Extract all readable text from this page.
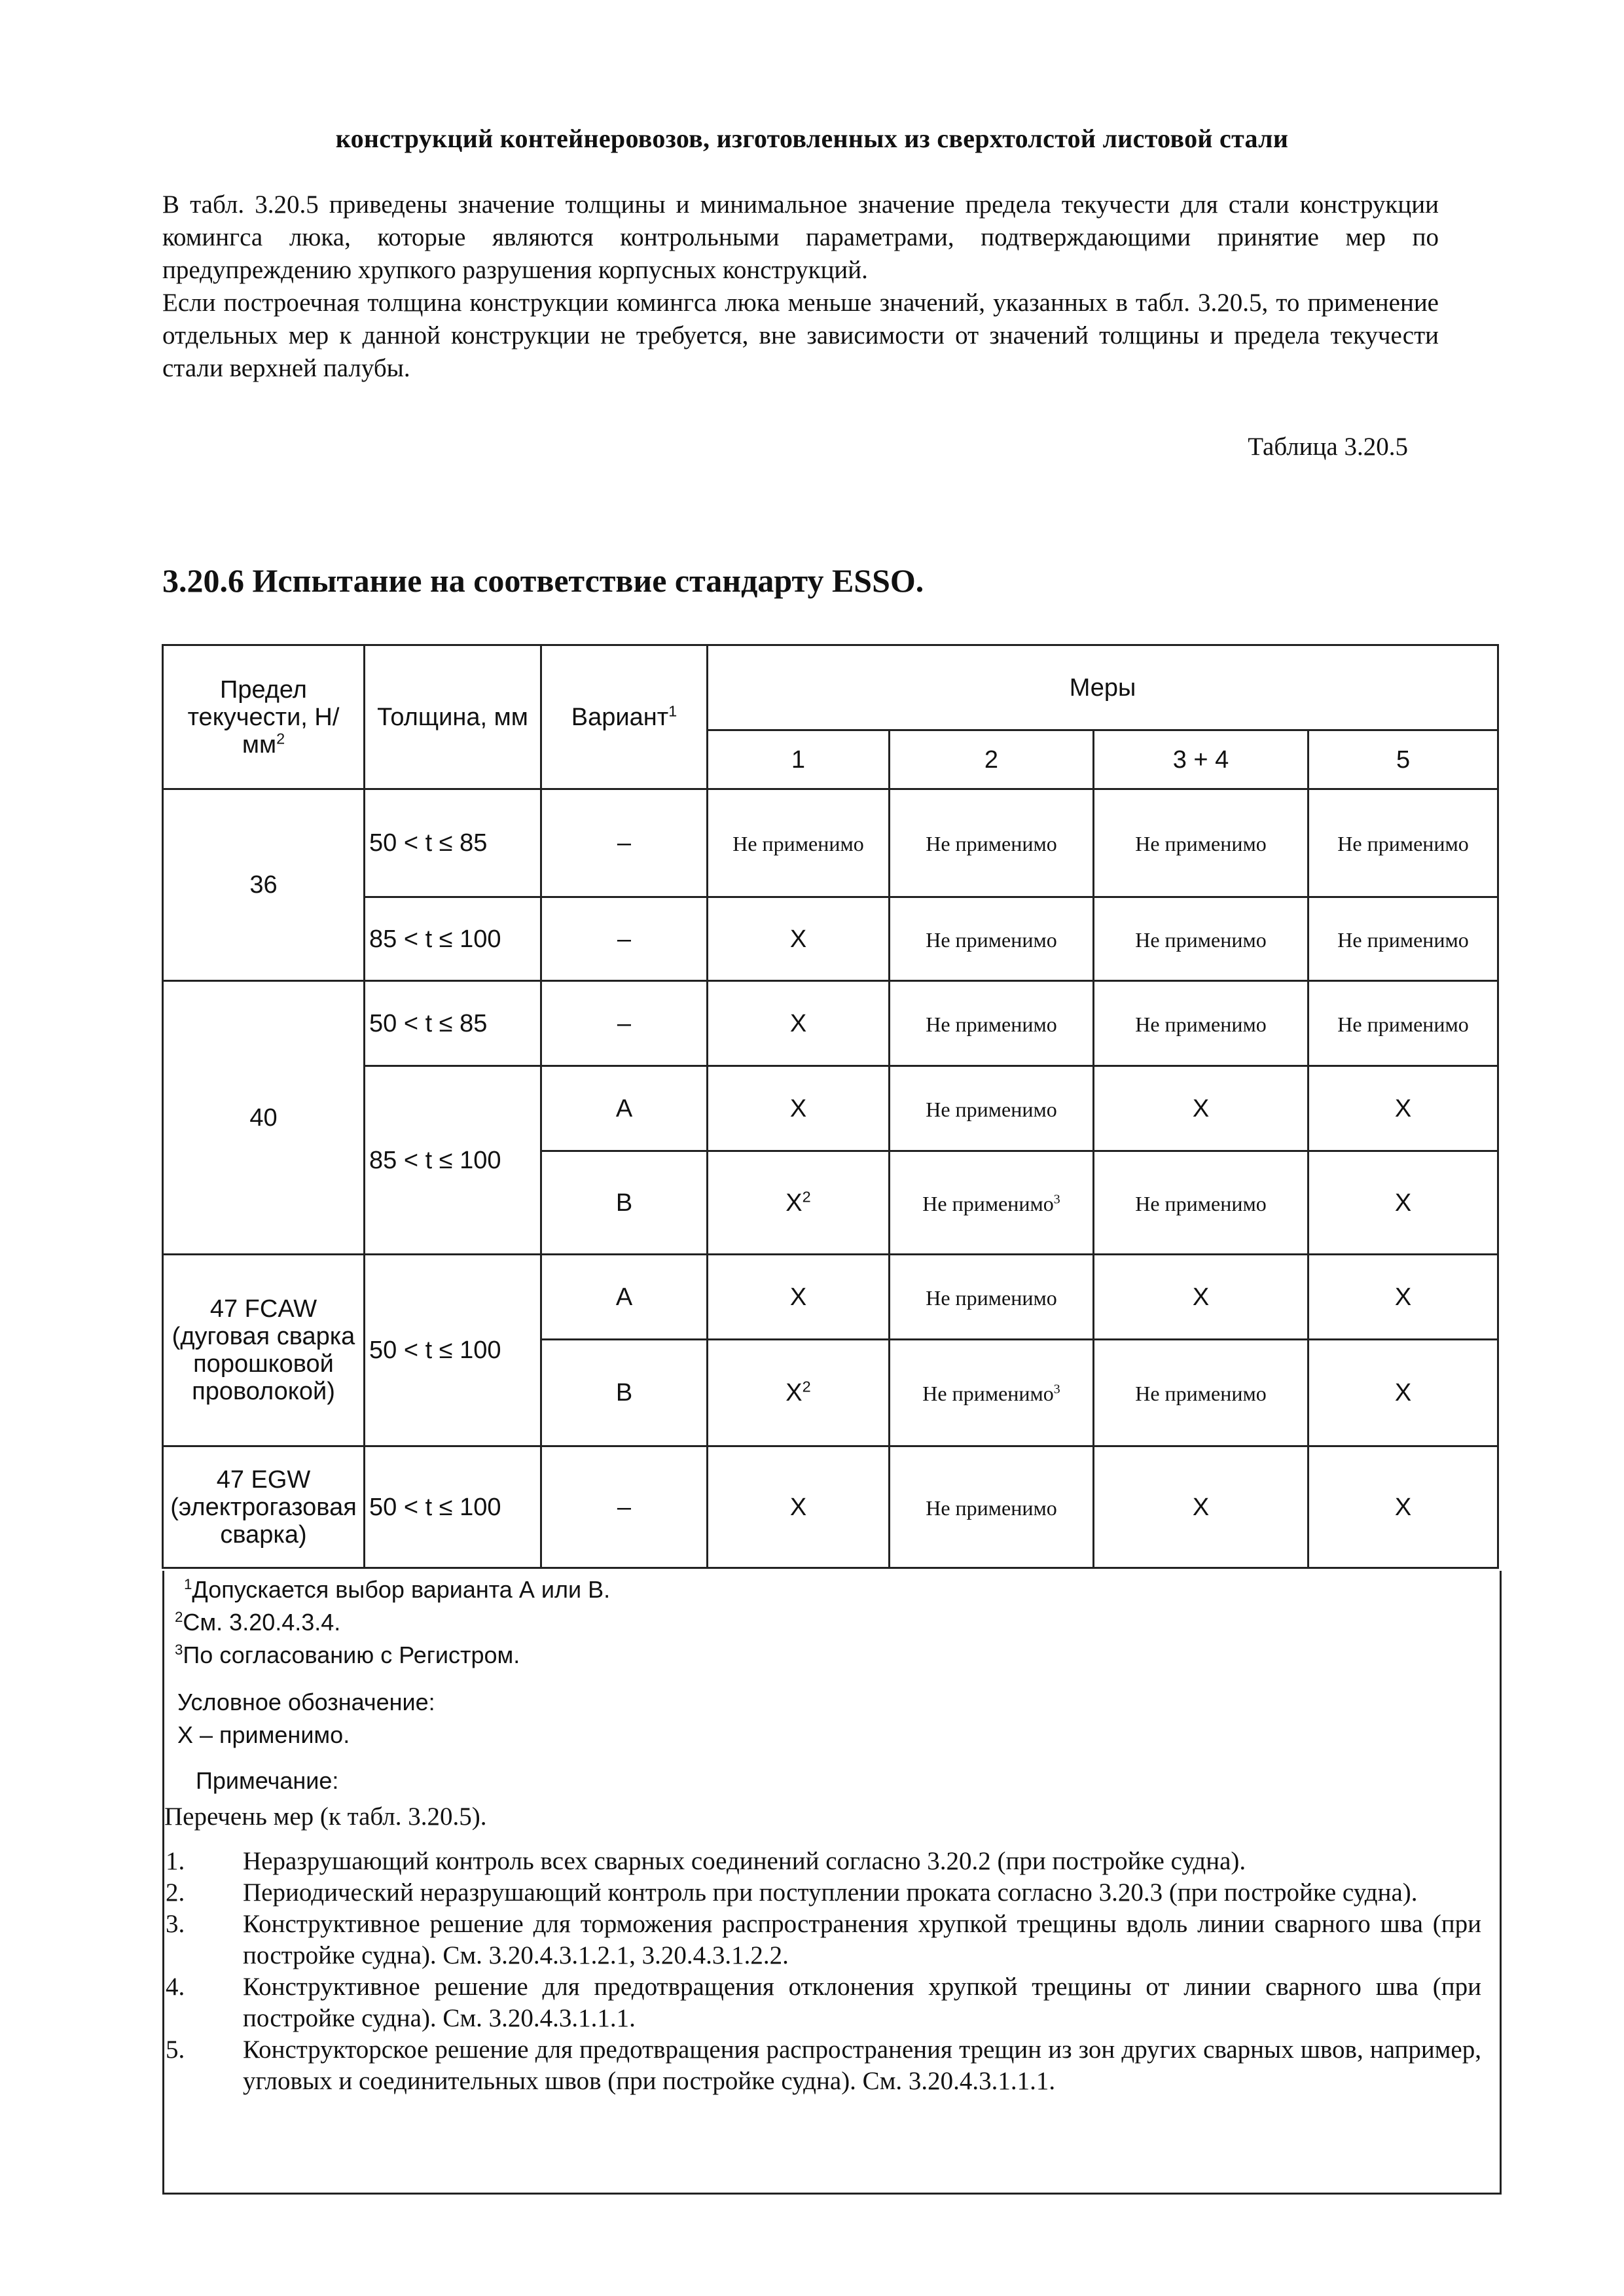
конструкций контейнеровозов, изготовленных из сверхтолстой листовой стали

В табл. 3.20.5 приведены значение толщины и минимальное значение предела текучести для стали конструкции комингса люка, которые являются контрольными параметрами, подтверждающими принятие мер по предупреждению хрупкого разрушения корпусных конструкций.

Если построечная толщина конструкции комингса люка меньше значений, указанных в табл. 3.20.5, то применение отдельных мер к данной конструкции не требуется, вне зависимости от значений толщины и предела текучести стали верхней палубы.

Таблица 3.20.5
3.20.6 Испытание на соответствие стандарту ESSO.
Предел текучести, $Н/мм^2$	Толщина, мм	Вариант$^1$	Меры			
			1	2	3 + 4	5
36	50 < t ≤ 85	–	Не применимо	Не применимо	Не применимо	Не применимо
	85 < t ≤ 100	–	X	Не применимо	Не применимо	Не применимо
40	50 < t ≤ 85	–	X	Не применимо	Не применимо	Не применимо
	85 < t ≤ 100	A	X	Не применимо	X	X
		B	$X^2$	Не применимо$^3$	Не применимо	X
47 FCAW
(дуговая сварка порошковой проволокой)	50 < t ≤ 100	A	X	Не применимо	X	X
		B	$X^2$	Не применимо$^3$	Не применимо	X
47 EGW
(электрогазовая сварка)	50 < t ≤ 100	–	X	Не применимо	X	X
$^1$Допускается выбор варианта А или В.
$^2$См. 3.20.4.3.4.
$^3$По согласованию с Регистром.
Условное обозначение:
X – применимо.
Примечание:
Перечень мер (к табл. 3.20.5).
1.	Неразрушающий контроль всех сварных соединений согласно 3.20.2 (при постройке судна).
2.	Периодический неразрушающий контроль при поступлении проката согласно 3.20.3 (при постройке судна).
3.	Конструктивное решение для торможения распространения хрупкой трещины вдоль линии сварного шва (при постройке судна). См. 3.20.4.3.1.2.1, 3.20.4.3.1.2.2.
4.	Конструктивное решение для предотвращения отклонения хрупкой трещины от линии сварного шва (при постройке судна). См. 3.20.4.3.1.1.1.
5.	Конструкторское решение для предотвращения распространения трещин из зон других сварных швов, например, угловых и соединительных швов (при постройке судна). См. 3.20.4.3.1.1.1.
